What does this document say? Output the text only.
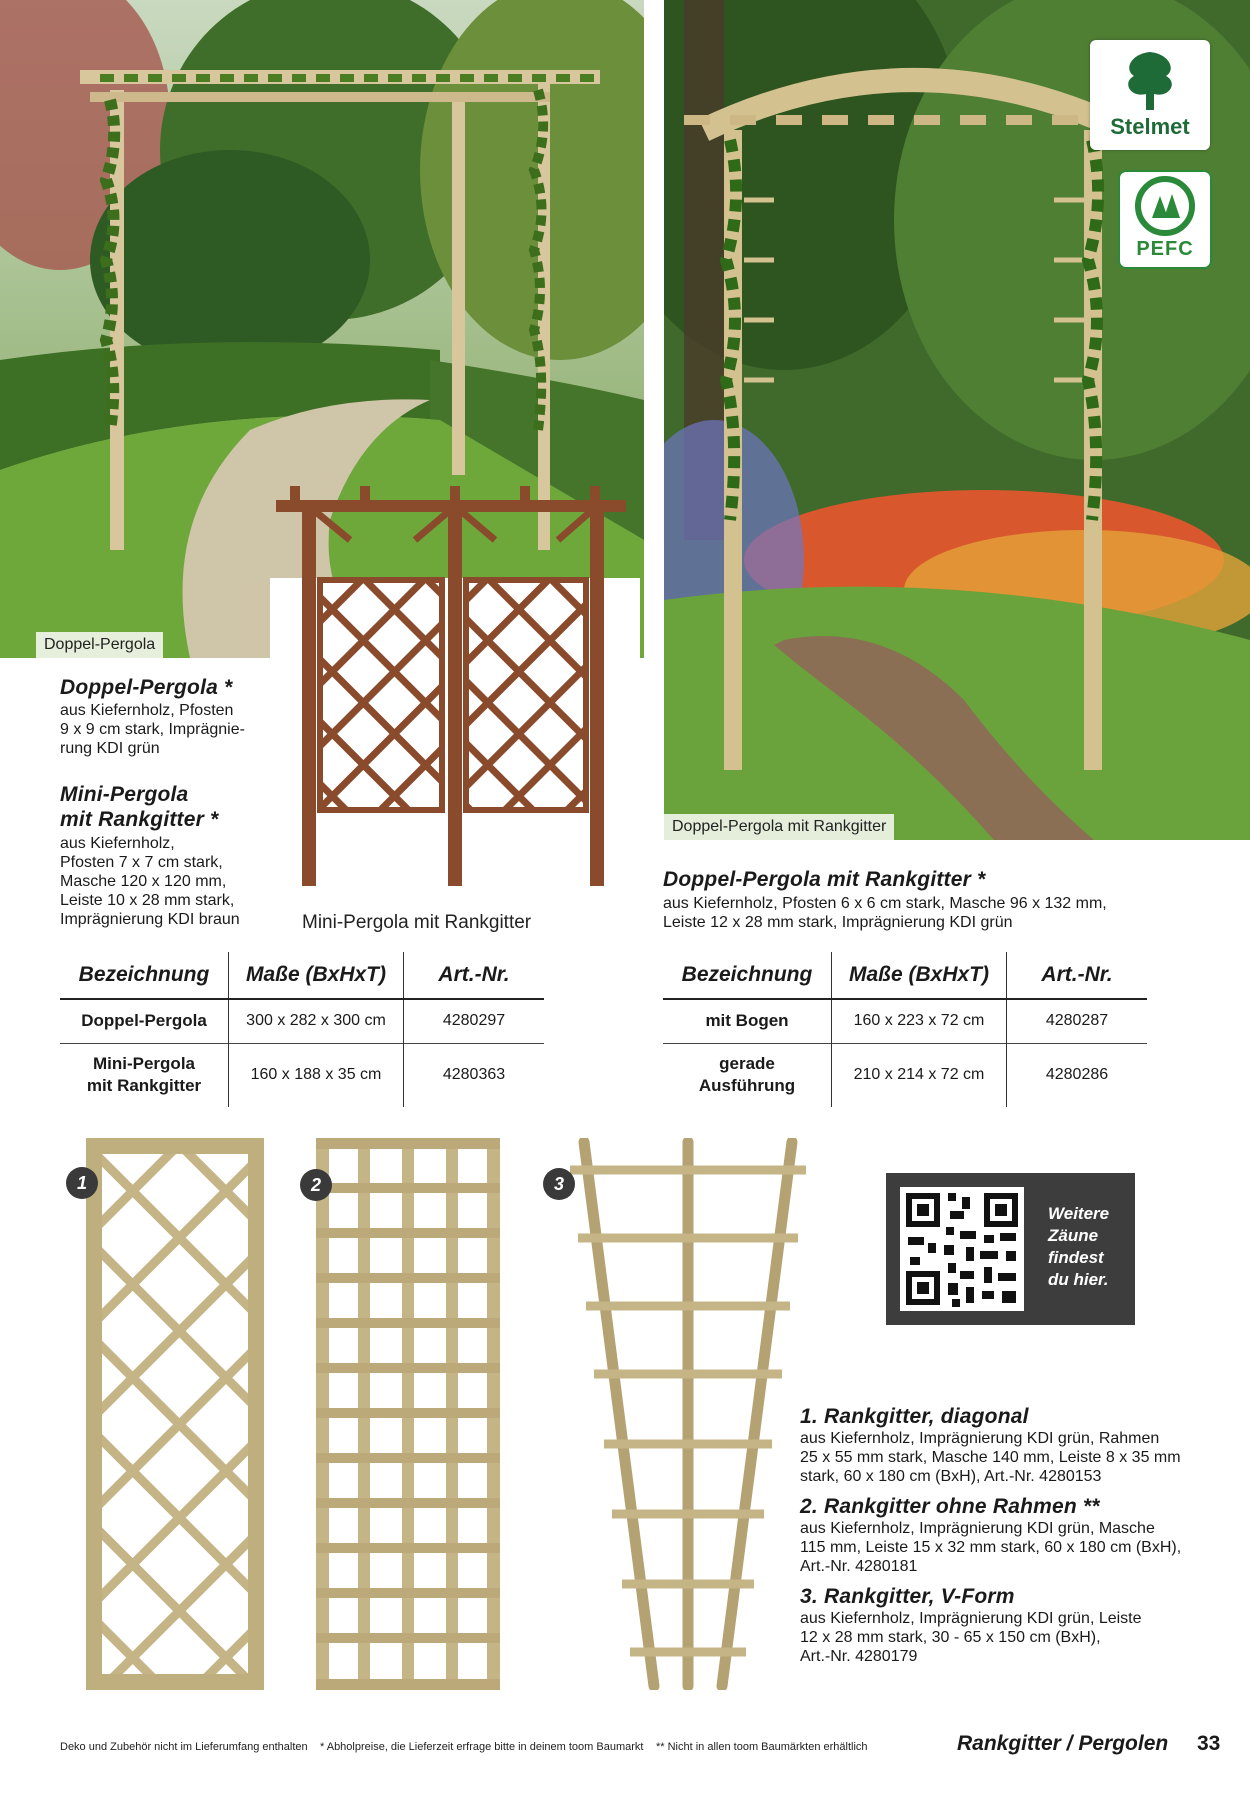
Doppel-Pergola
Doppel-Pergola mit Rankgitter
Stelmet
PEFC
Doppel-Pergola *
aus Kiefernholz, Pfosten
9 x 9 cm stark, Imprägnie-
rung KDI grün
Mini-Pergola
mit Rankgitter *
aus Kiefernholz,
Pfosten 7 x 7 cm stark,
Masche 120 x 120 mm,
Leiste 10 x 28 mm stark,
Imprägnierung KDI braun	Mini-Pergola mit Rankgitter
Doppel-Pergola mit Rankgitter *
aus Kiefernholz, Pfosten 6 x 6 cm stark, Masche 96 x 132 mm,
Leiste 12 x 28 mm stark, Imprägnierung KDI grün
Bezeichnung	Maße (BxHxT)	Art.-Nr.
Doppel-Pergola	300 x 282 x 300 cm	4280297

Mini-Pergola
mit Rankgitter	160 x 188 x 35 cm	4280363
Bezeichnung	Maße (BxHxT)	Art.-Nr.
mit Bogen	160 x 223 x 72 cm	4280287

gerade
Ausführung	210 x 214 x 72 cm	4280286
1	2	3
Weitere
Zäune
findest
du hier.
1. Rankgitter, diagonal
aus Kiefernholz, Imprägnierung KDI grün, Rahmen
25 x 55 mm stark, Masche 140 mm, Leiste 8 x 35 mm
stark, 60 x 180 cm (BxH), Art.-Nr. 4280153
2. Rankgitter ohne Rahmen **
aus Kiefernholz, Imprägnierung KDI grün, Masche
115 mm, Leiste 15 x 32 mm stark, 60 x 180 cm (BxH),
Art.-Nr. 4280181
3. Rankgitter, V-Form
aus Kiefernholz, Imprägnierung KDI grün, Leiste
12 x 28 mm stark, 30 - 65 x 150 cm (BxH),
Art.-Nr. 4280179
Deko und Zubehör nicht im Lieferumfang enthalten * Abholpreise, die Lieferzeit erfrage bitte in deinem toom Baumarkt ** Nicht in allen toom Baumärkten erhältlich	Rankgitter / Pergolen 33
